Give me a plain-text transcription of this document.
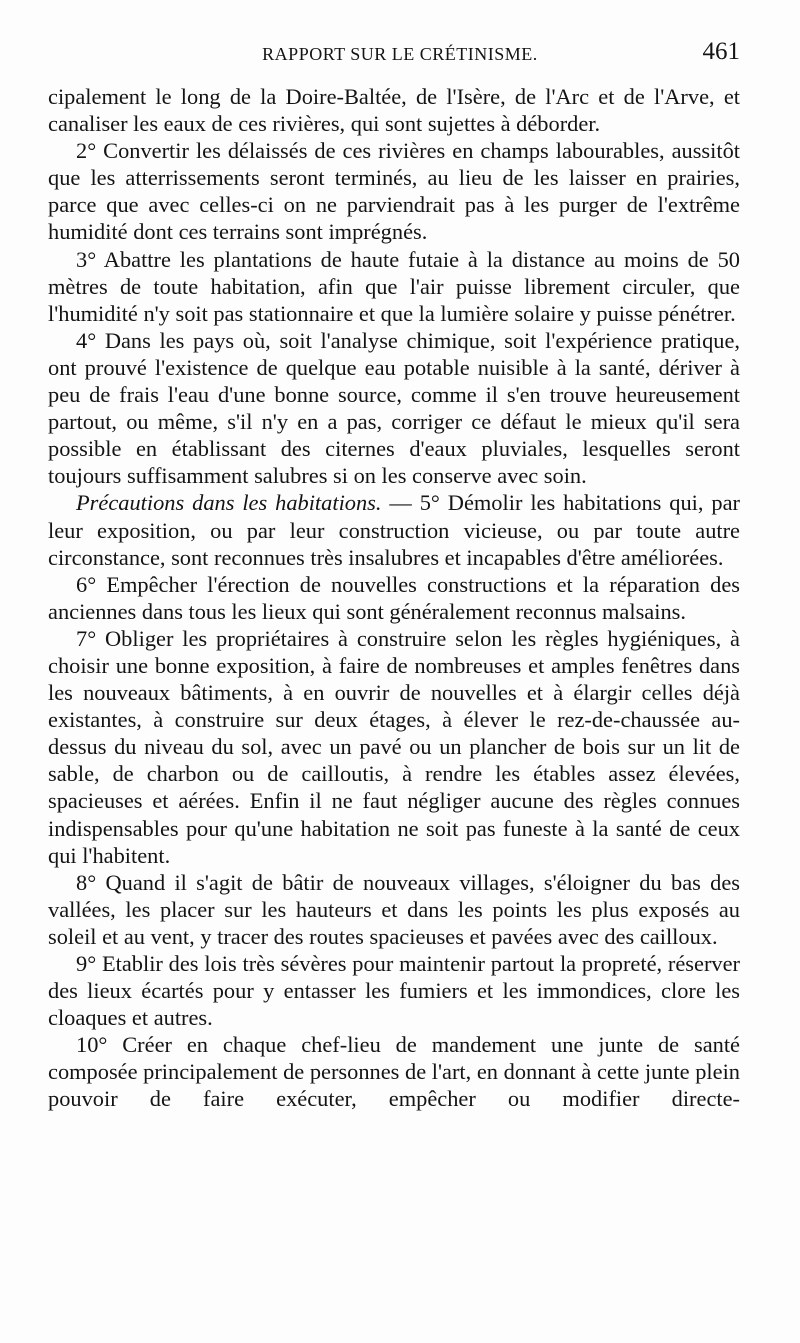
RAPPORT SUR LE CRÉTINISME.	461

cipalement le long de la Doire-Baltée, de l'Isère, de l'Arc et de l'Arve, et canaliser les eaux de ces rivières, qui sont sujettes à déborder.

2° Convertir les délaissés de ces rivières en champs labourables, aussitôt que les atterrissements seront terminés, au lieu de les laisser en prairies, parce que avec celles-ci on ne parviendrait pas à les purger de l'extrême humidité dont ces terrains sont imprégnés.

3° Abattre les plantations de haute futaie à la distance au moins de 50 mètres de toute habitation, afin que l'air puisse librement circuler, que l'humidité n'y soit pas stationnaire et que la lumière solaire y puisse pénétrer.

4° Dans les pays où, soit l'analyse chimique, soit l'expérience pratique, ont prouvé l'existence de quelque eau potable nuisible à la santé, dériver à peu de frais l'eau d'une bonne source, comme il s'en trouve heureusement partout, ou même, s'il n'y en a pas, corriger ce défaut le mieux qu'il sera possible en établissant des citernes d'eaux pluviales, lesquelles seront toujours suffisamment salubres si on les conserve avec soin.

Précautions dans les habitations. — 5° Démolir les habitations qui, par leur exposition, ou par leur construction vicieuse, ou par toute autre circonstance, sont reconnues très insalubres et incapables d'être améliorées.

6° Empêcher l'érection de nouvelles constructions et la réparation des anciennes dans tous les lieux qui sont généralement reconnus malsains.

7° Obliger les propriétaires à construire selon les règles hygiéniques, à choisir une bonne exposition, à faire de nombreuses et amples fenêtres dans les nouveaux bâtiments, à en ouvrir de nouvelles et à élargir celles déjà existantes, à construire sur deux étages, à élever le rez-de-chaussée au-dessus du niveau du sol, avec un pavé ou un plancher de bois sur un lit de sable, de charbon ou de cailloutis, à rendre les étables assez élevées, spacieuses et aérées. Enfin il ne faut négliger aucune des règles connues indispensables pour qu'une habitation ne soit pas funeste à la santé de ceux qui l'habitent.

8° Quand il s'agit de bâtir de nouveaux villages, s'éloigner du bas des vallées, les placer sur les hauteurs et dans les points les plus exposés au soleil et au vent, y tracer des routes spacieuses et pavées avec des cailloux.

9° Etablir des lois très sévères pour maintenir partout la propreté, réserver des lieux écartés pour y entasser les fumiers et les immondices, clore les cloaques et autres.

10° Créer en chaque chef-lieu de mandement une junte de santé composée principalement de personnes de l'art, en donnant à cette junte plein pouvoir de faire exécuter, empêcher ou modifier directe-
